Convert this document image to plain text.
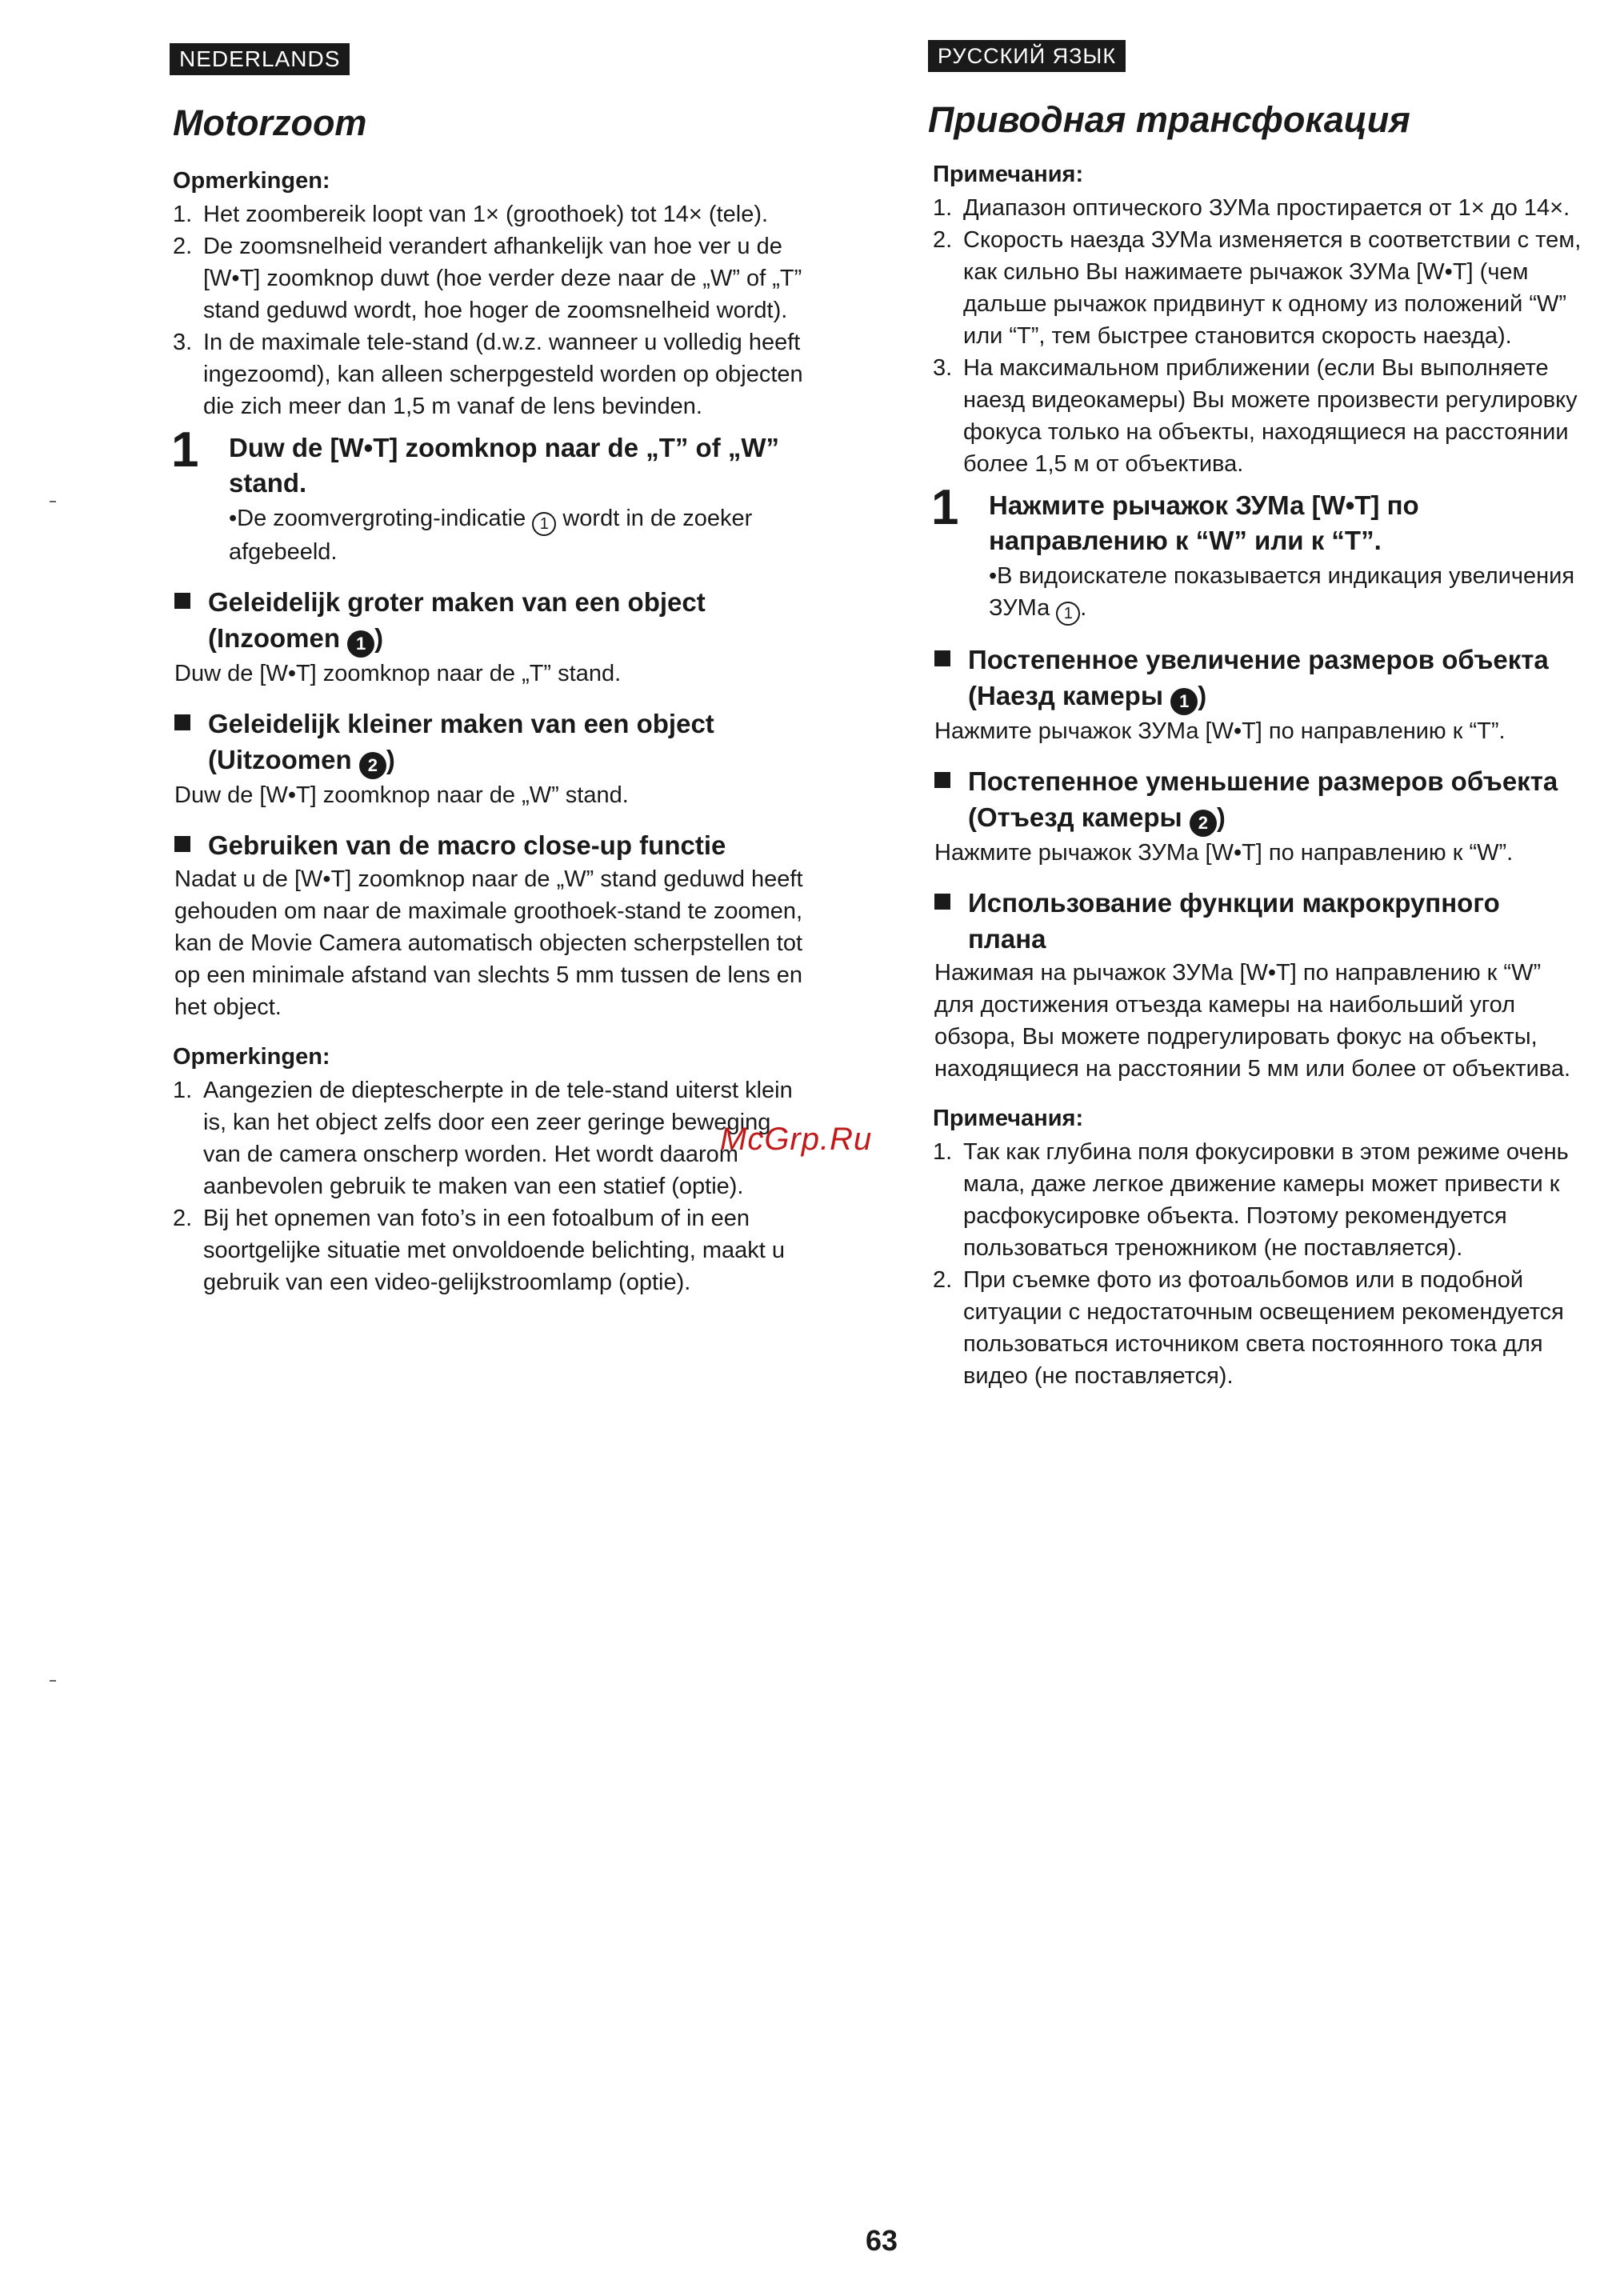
NEDERLANDS
Motorzoom
Opmerkingen:
1. Het zoombereik loopt van 1× (groothoek) tot 14× (tele).
2. De zoomsnelheid verandert afhankelijk van hoe ver u de [W•T] zoomknop duwt (hoe verder deze naar de „W” of „T” stand geduwd wordt, hoe hoger de zoomsnelheid wordt).
3. In de maximale tele-stand (d.w.z. wanneer u volledig heeft ingezoomd), kan alleen scherpgesteld worden op objecten die zich meer dan 1,5 m vanaf de lens bevinden.
1 Duw de [W•T] zoomknop naar de „T” of „W” stand.
•De zoomvergroting-indicatie 1 wordt in de zoeker afgebeeld.
Geleidelijk groter maken van een object (Inzoomen 1 )
Duw de [W•T] zoomknop naar de „T” stand.
Geleidelijk kleiner maken van een object (Uitzoomen 2 )
Duw de [W•T] zoomknop naar de „W” stand.
Gebruiken van de macro close-up functie
Nadat u de [W•T] zoomknop naar de „W” stand geduwd heeft gehouden om naar de maximale groothoek-stand te zoomen, kan de Movie Camera automatisch objecten scherpstellen tot op een minimale afstand van slechts 5 mm tussen de lens en het object.
Opmerkingen:
1. Aangezien de dieptescherpte in de tele-stand uiterst klein is, kan het object zelfs door een zeer geringe beweging van de camera onscherp worden. Het wordt daarom aanbevolen gebruik te maken van een statief (optie).
2. Bij het opnemen van foto’s in een fotoalbum of in een soortgelijke situatie met onvoldoende belichting, maakt u gebruik van een video-gelijkstroomlamp (optie).
РУССКИЙ ЯЗЫК
Приводная трансфокация
Примечания:
1. Диапазон оптического ЗУМа простирается от 1× до 14×.
2. Скорость наезда ЗУМа изменяется в соответствии с тем, как сильно Вы нажимаете рычажок ЗУМа [W•T] (чем дальше рычажок придвинут к одному из положений “W” или “T”, тем быстрее становится скорость наезда).
3. На максимальном приближении (если Вы выполняете наезд видеокамеры) Вы можете произвести регулировку фокуса только на объекты, находящиеся на расстоянии более 1,5 м от объектива.
1 Нажмите рычажок ЗУМа [W•T] по направлению к “W” или к “T”.
•В видоискателе показывается индикация увеличения ЗУМа 1 .
Постепенное увеличение размеров объекта (Наезд камеры 1 )
Нажмите рычажок ЗУМа [W•T] по направлению к “T”.
Постепенное уменьшение размеров объекта (Отъезд камеры 2 )
Нажмите рычажок ЗУМа [W•T] по направлению к “W”.
Использование функции макрокрупного плана
Нажимая на рычажок ЗУМа [W•T] по направлению к “W” для достижения отъезда камеры на наибольший угол обзора, Вы можете подрегулировать фокус на объекты, находящиеся на расстоянии 5 мм или более от объектива.
Примечания:
1. Так как глубина поля фокусировки в этом режиме очень мала, даже легкое движение камеры может привести к расфокусировке объекта. Поэтому рекомендуется пользоваться треножником (не поставляется).
2. При съемке фото из фотоальбомов или в подобной ситуации с недостаточным освещением рекомендуется пользоваться источником света постоянного тока для видео (не поставляется).
McGrp.Ru
63
